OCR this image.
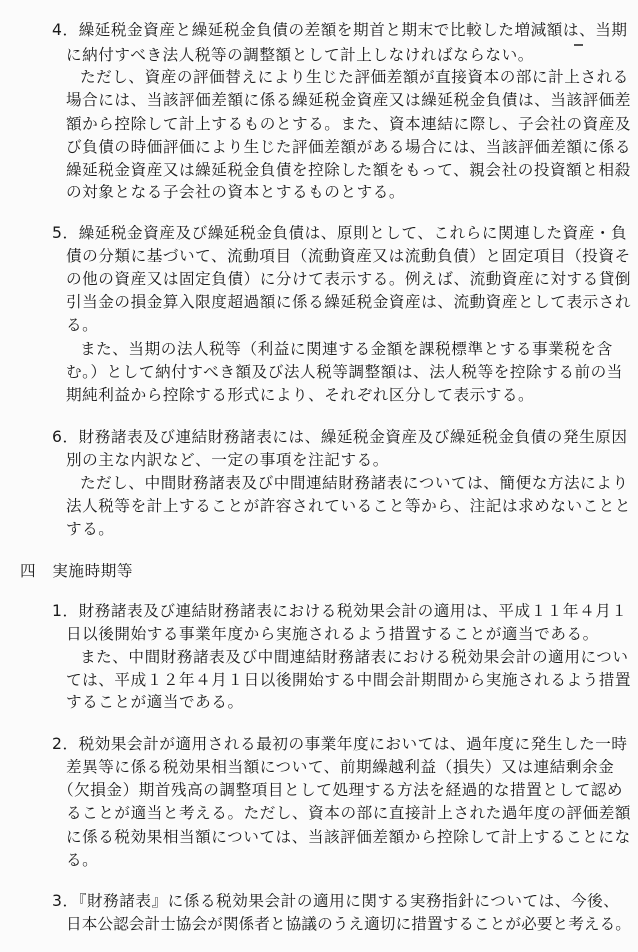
4．繰延税金資産と繰延税金負債の差額を期首と期末で比較した増減額は、当期
に納付すべき法人税等の調整額として計上しなければならない。
ただし、資産の評価替えにより生じた評価差額が直接資本の部に計上される
場合には、当該評価差額に係る繰延税金資産又は繰延税金負債は、当該評価差
額から控除して計上するものとする。また、資本連結に際し、子会社の資産及
び負債の時価評価により生じた評価差額がある場合には、当該評価差額に係る
繰延税金資産又は繰延税金負債を控除した額をもって、親会社の投資額と相殺
の対象となる子会社の資本とするものとする。
5．繰延税金資産及び繰延税金負債は、原則として、これらに関連した資産・負
債の分類に基づいて、流動項目（流動資産又は流動負債）と固定項目（投資そ
の他の資産又は固定負債）に分けて表示する。例えば、流動資産に対する貸倒
引当金の損金算入限度超過額に係る繰延税金資産は、流動資産として表示され
る。
また、当期の法人税等（利益に関連する金額を課税標準とする事業税を含
む。）として納付すべき額及び法人税等調整額は、法人税等を控除する前の当
期純利益から控除する形式により、それぞれ区分して表示する。
6．財務諸表及び連結財務諸表には、繰延税金資産及び繰延税金負債の発生原因
別の主な内訳など、一定の事項を注記する。
ただし、中間財務諸表及び中間連結財務諸表については、簡便な方法により
法人税等を計上することが許容されていること等から、注記は求めないことと
する。
四　実施時期等
1．財務諸表及び連結財務諸表における税効果会計の適用は、平成１１年４月１
日以後開始する事業年度から実施されるよう措置することが適当である。
また、中間財務諸表及び中間連結財務諸表における税効果会計の適用につい
ては、平成１２年４月１日以後開始する中間会計期間から実施されるよう措置
することが適当である。
2．税効果会計が適用される最初の事業年度においては、過年度に発生した一時
差異等に係る税効果相当額について、前期繰越利益（損失）又は連結剰余金
（欠損金）期首残高の調整項目として処理する方法を経過的な措置として認め
ることが適当と考える。ただし、資本の部に直接計上された過年度の評価差額
に係る税効果相当額については、当該評価差額から控除して計上することにな
る。
3．『財務諸表』に係る税効果会計の適用に関する実務指針については、今後、
日本公認会計士協会が関係者と協議のうえ適切に措置することが必要と考える。
